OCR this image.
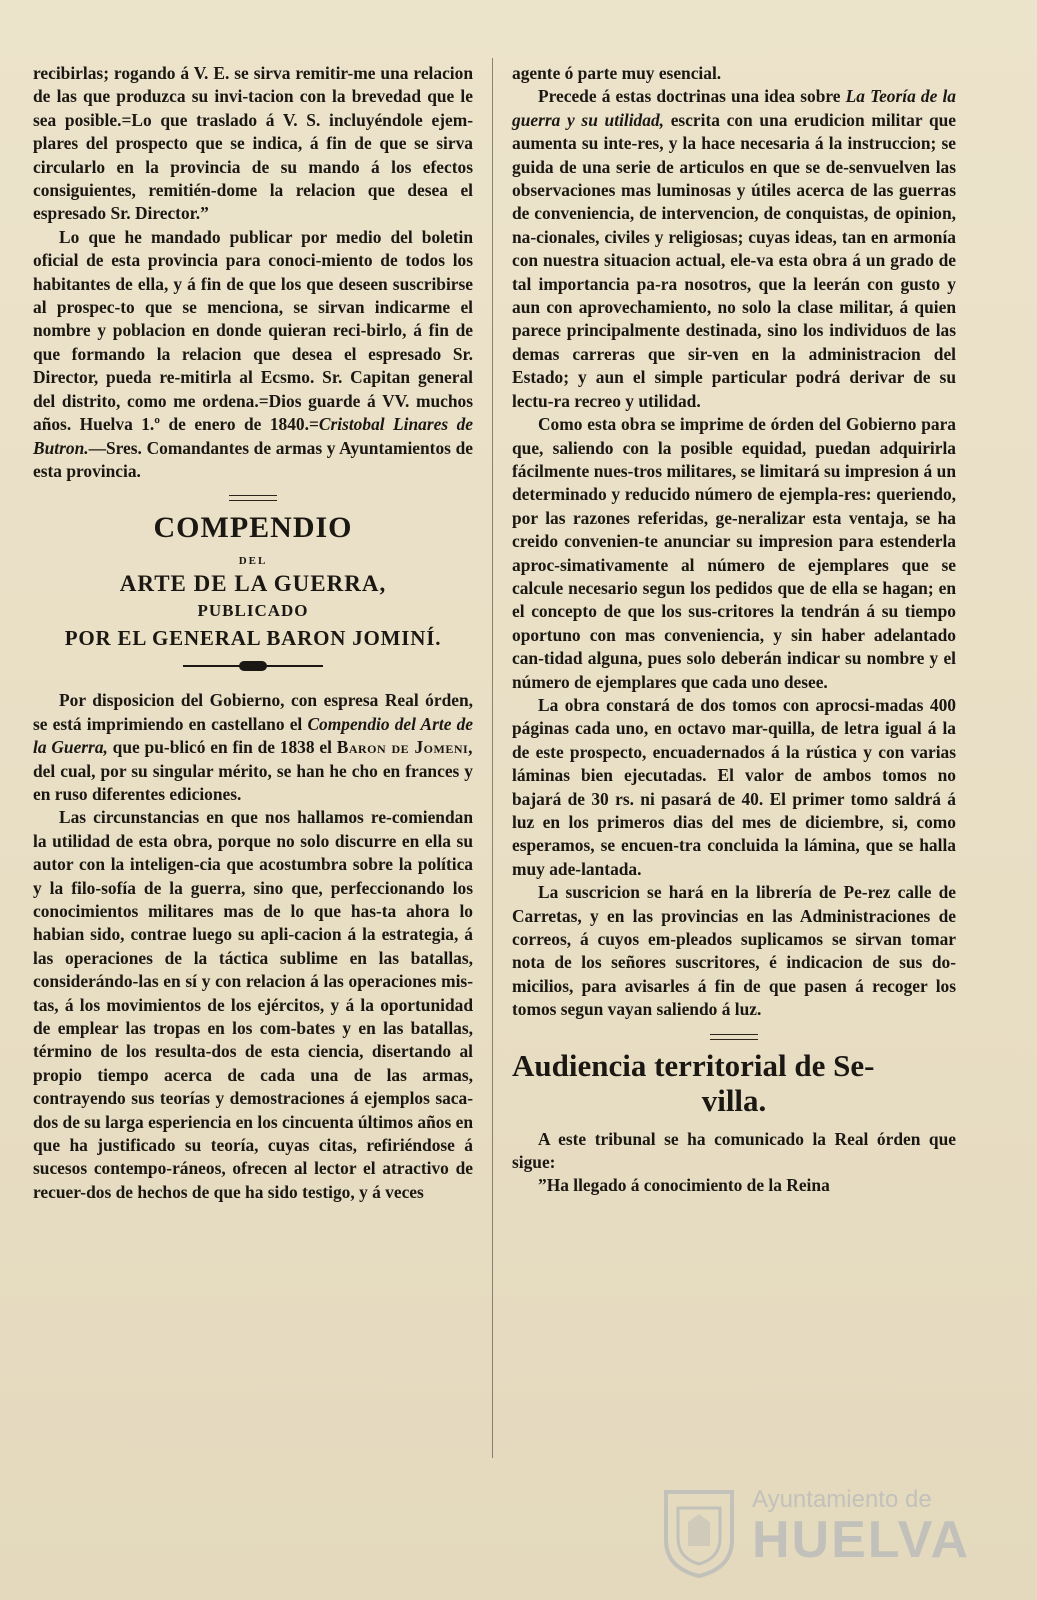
recibirlas; rogando á V. E. se sirva remitir-me una relacion de las que produzca su invi-tacion con la brevedad que le sea posible.=Lo que traslado á V. S. incluyéndole ejem-plares del prospecto que se indica, á fin de que se sirva circularlo en la provincia de su mando á los efectos consiguientes, remitién-dome la relacion que desea el espresado Sr. Director.”

Lo que he mandado publicar por medio del boletin oficial de esta provincia para conoci-miento de todos los habitantes de ella, y á fin de que los que deseen suscribirse al prospec-to que se menciona, se sirvan indicarme el nombre y poblacion en donde quieran reci-birlo, á fin de que formando la relacion que desea el espresado Sr. Director, pueda re-mitirla al Ecsmo. Sr. Capitan general del distrito, como me ordena.=Dios guarde á VV. muchos años. Huelva 1.º de enero de 1840.=Cristobal Linares de Butron.—Sres. Comandantes de armas y Ayuntamientos de esta provincia.

COMPENDIO
DEL
ARTE DE LA GUERRA,
PUBLICADO
POR EL GENERAL BARON JOMINÍ.

Por disposicion del Gobierno, con espresa Real órden, se está imprimiendo en castellano el Compendio del Arte de la Guerra, que pu-blicó en fin de 1838 el Baron de Jomeni, del cual, por su singular mérito, se han he cho en frances y en ruso diferentes ediciones.

Las circunstancias en que nos hallamos re-comiendan la utilidad de esta obra, porque no solo discurre en ella su autor con la inteligen-cia que acostumbra sobre la política y la filo-sofía de la guerra, sino que, perfeccionando los conocimientos militares mas de lo que has-ta ahora lo habian sido, contrae luego su apli-cacion á la estrategia, á las operaciones de la táctica sublime en las batallas, considerándo-las en sí y con relacion á las operaciones mis-tas, á los movimientos de los ejércitos, y á la oportunidad de emplear las tropas en los com-bates y en las batallas, término de los resulta-dos de esta ciencia, disertando al propio tiempo acerca de cada una de las armas, contrayendo sus teorías y demostraciones á ejemplos saca-dos de su larga esperiencia en los cincuenta últimos años en que ha justificado su teoría, cuyas citas, refiriéndose á sucesos contempo-ráneos, ofrecen al lector el atractivo de recuer-dos de hechos de que ha sido testigo, y á veces

agente ó parte muy esencial.

Precede á estas doctrinas una idea sobre La Teoría de la guerra y su utilidad, escrita con una erudicion militar que aumenta su inte-res, y la hace necesaria á la instruccion; se guida de una serie de articulos en que se de-senvuelven las observaciones mas luminosas y útiles acerca de las guerras de conveniencia, de intervencion, de conquistas, de opinion, na-cionales, civiles y religiosas; cuyas ideas, tan en armonía con nuestra situacion actual, ele-va esta obra á un grado de tal importancia pa-ra nosotros, que la leerán con gusto y aun con aprovechamiento, no solo la clase militar, á quien parece principalmente destinada, sino los individuos de las demas carreras que sir-ven en la administracion del Estado; y aun el simple particular podrá derivar de su lectu-ra recreo y utilidad.

Como esta obra se imprime de órden del Gobierno para que, saliendo con la posible equidad, puedan adquirirla fácilmente nues-tros militares, se limitará su impresion á un determinado y reducido número de ejempla-res: queriendo, por las razones referidas, ge-neralizar esta ventaja, se ha creido convenien-te anunciar su impresion para estenderla aproc-simativamente al número de ejemplares que se calcule necesario segun los pedidos que de ella se hagan; en el concepto de que los sus-critores la tendrán á su tiempo oportuno con mas conveniencia, y sin haber adelantado can-tidad alguna, pues solo deberán indicar su nombre y el número de ejemplares que cada uno desee.

La obra constará de dos tomos con aprocsi-madas 400 páginas cada uno, en octavo mar-quilla, de letra igual á la de este prospecto, encuadernados á la rústica y con varias láminas bien ejecutadas. El valor de ambos tomos no bajará de 30 rs. ni pasará de 40. El primer tomo saldrá á luz en los primeros dias del mes de diciembre, si, como esperamos, se encuen-tra concluida la lámina, que se halla muy ade-lantada.

La suscricion se hará en la librería de Pe-rez calle de Carretas, y en las provincias en las Administraciones de correos, á cuyos em-pleados suplicamos se sirvan tomar nota de los señores suscritores, é indicacion de sus do-micilios, para avisarles á fin de que pasen á recoger los tomos segun vayan saliendo á luz.

Audiencia territorial de Se-
villa.

A este tribunal se ha comunicado la Real órden que sigue:

”Ha llegado á conocimiento de la Reina

Ayuntamiento de
HUELVA
